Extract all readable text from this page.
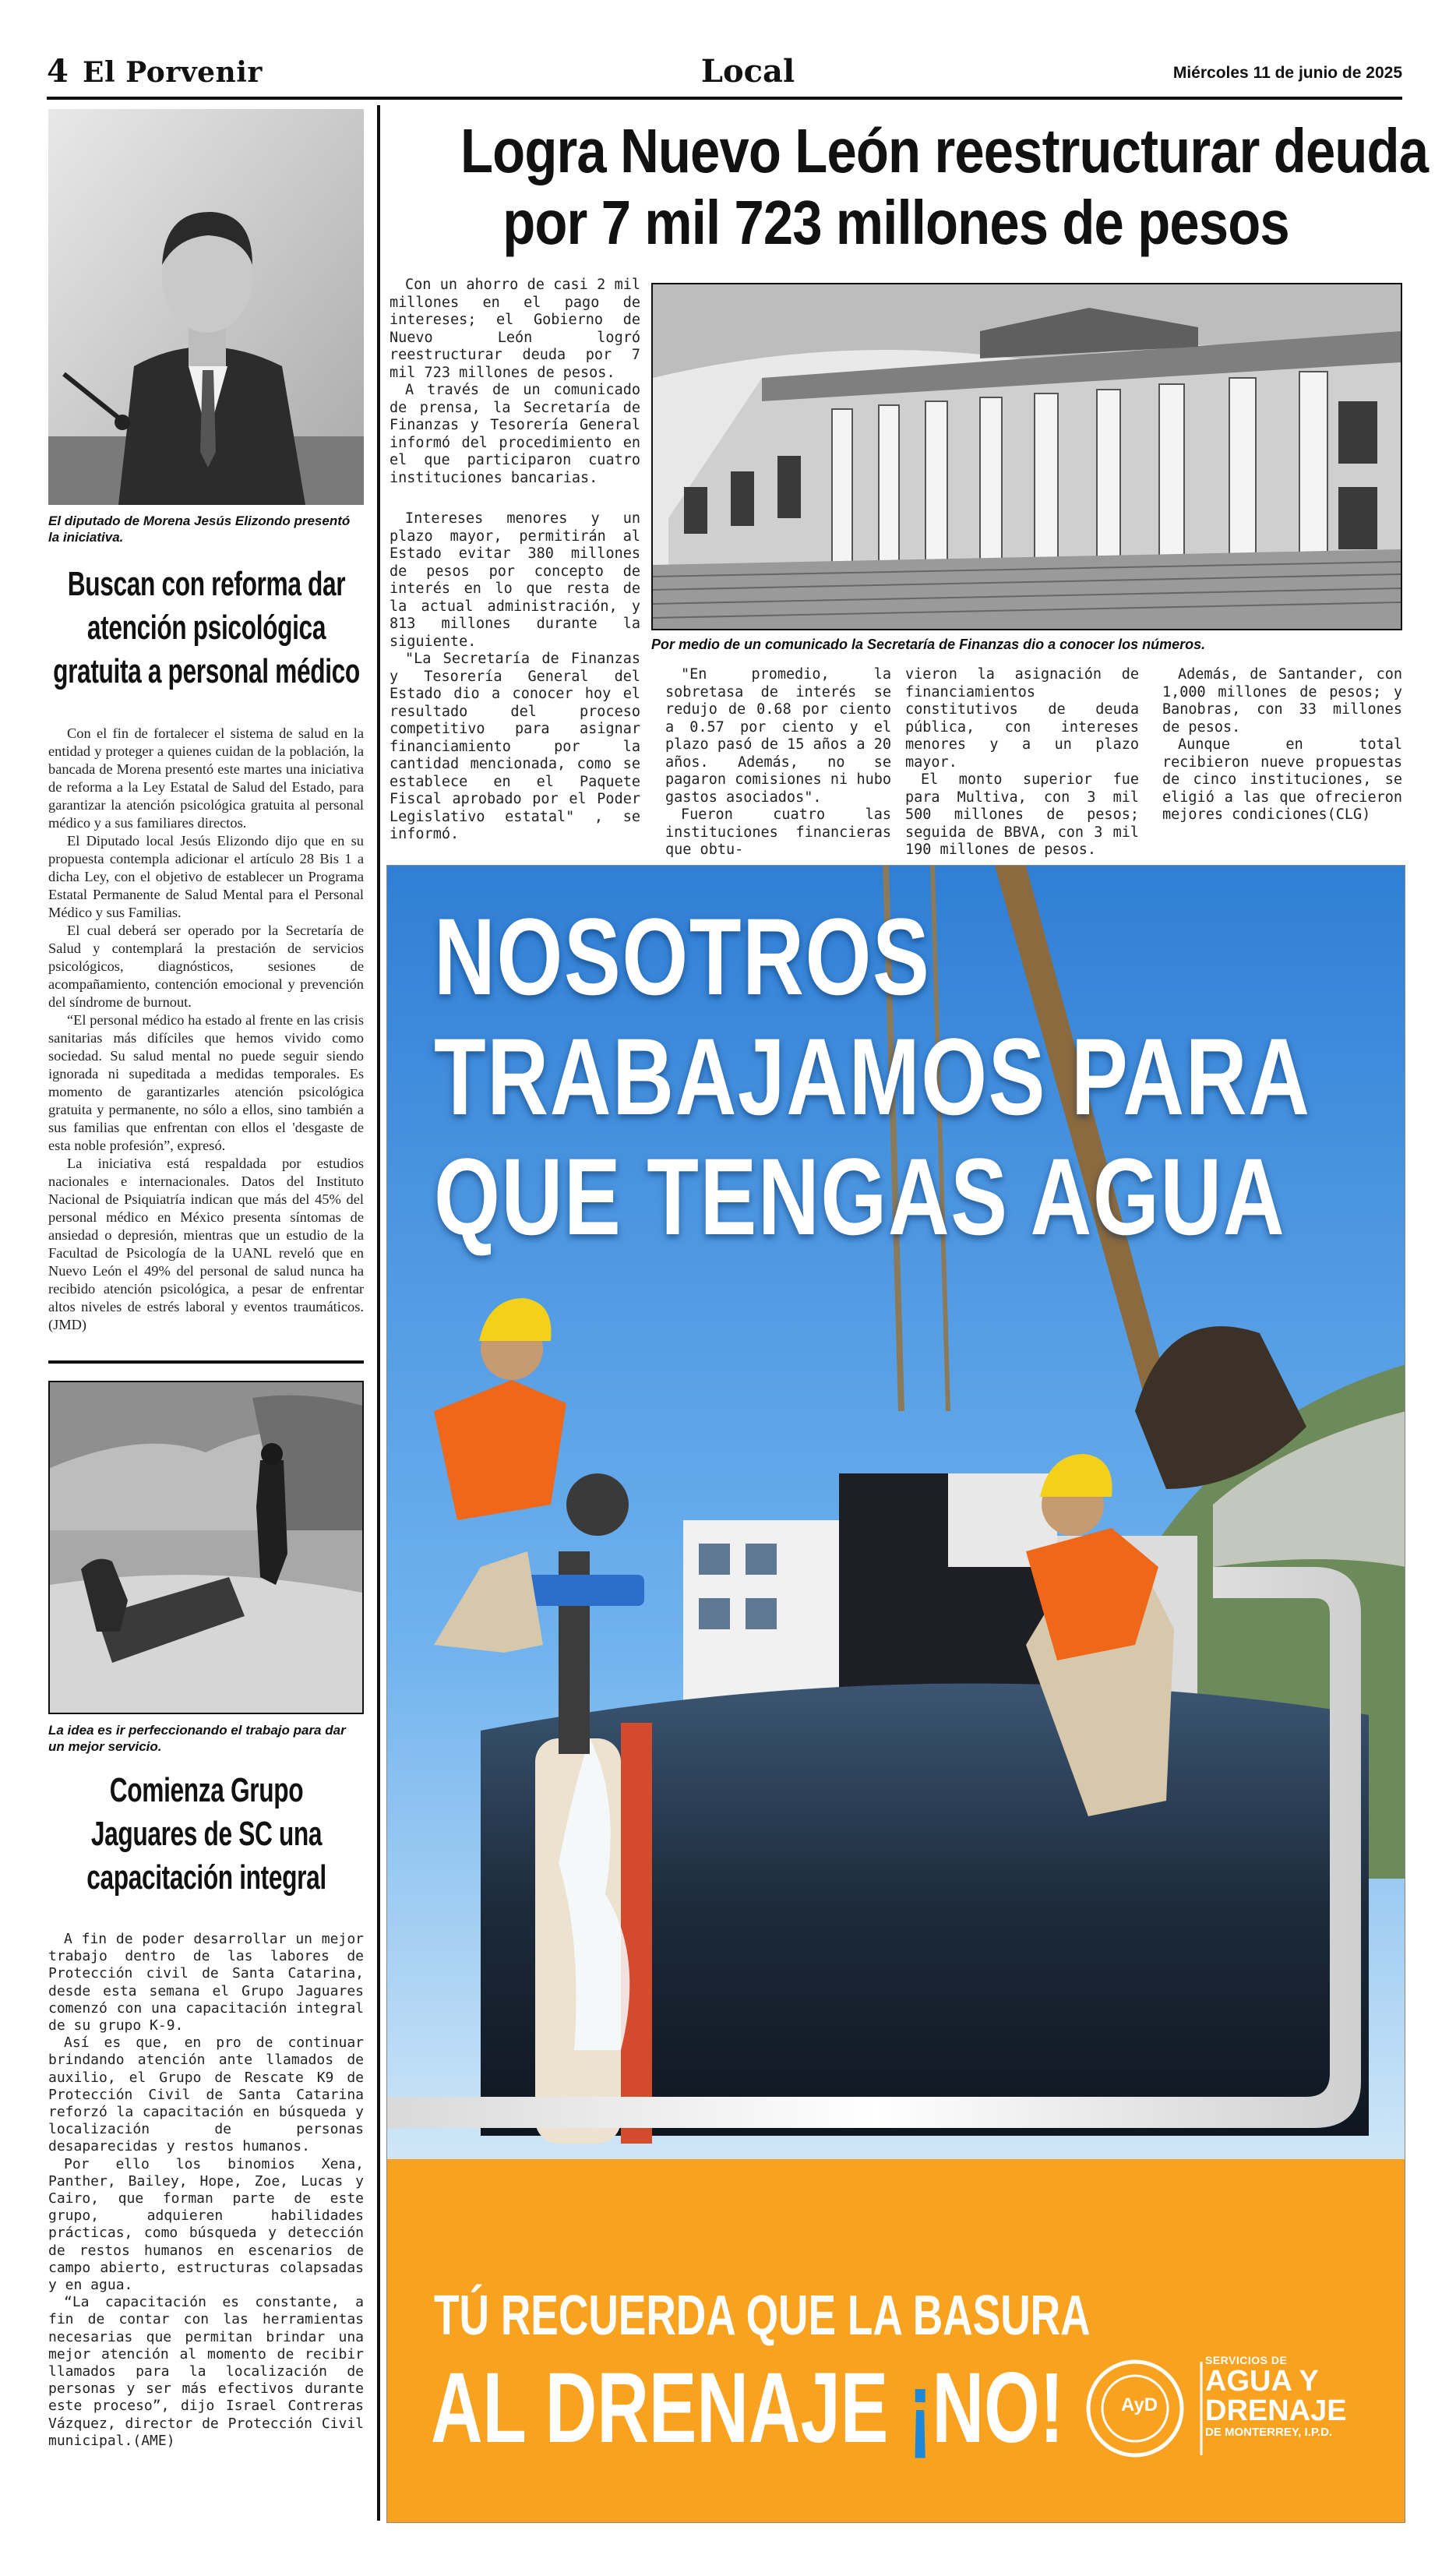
4 El Porvenir	Local	Miércoles 11 de junio de 2025
El diputado de Morena Jesús Elizondo presentó la iniciativa.
Buscan con reforma dar
atención psicológica
gratuita a personal médico

Con el fin de fortalecer el sistema de salud en la entidad y proteger a quienes cuidan de la población, la bancada de Morena presentó este martes una iniciativa de reforma a la Ley Estatal de Salud del Estado, para garantizar la atención psicológica gratuita al personal médico y a sus familiares directos.

El Diputado local Jesús Elizondo dijo que en su propuesta contempla adicionar el artículo 28 Bis 1 a dicha Ley, con el objetivo de establecer un Programa Estatal Permanente de Salud Mental para el Personal Médico y sus Familias.

El cual deberá ser operado por la Secretaría de Salud y contemplará la prestación de servicios psicológicos, diagnósticos, sesiones de acompañamiento, contención emocional y prevención del síndrome de burnout.

“El personal médico ha estado al frente en las crisis sanitarias más difíciles que hemos vivido como sociedad. Su salud mental no puede seguir siendo ignorada ni supeditada a medidas temporales. Es momento de garantizarles atención psicológica gratuita y permanente, no sólo a ellos, sino también a sus familias que enfrentan con ellos el 'desgaste de esta noble profesión”, expresó.

La iniciativa está respaldada por estudios nacionales e internacionales. Datos del Instituto Nacional de Psiquiatría indican que más del 45% del personal médico en México presenta síntomas de ansiedad o depresión, mientras que un estudio de la Facultad de Psicología de la UANL reveló que en Nuevo León el 49% del personal de salud nunca ha recibido atención psicológica, a pesar de enfrentar altos niveles de estrés laboral y eventos traumáticos.(JMD)

La idea es ir perfeccionando el trabajo para dar un mejor servicio.
Comienza Grupo
Jaguares de SC una
capacitación integral

A fin de poder desarrollar un mejor trabajo dentro de las labores de Protección civil de Santa Catarina, desde esta semana el Grupo Jaguares comenzó con una capacitación integral de su grupo K-9.

Así es que, en pro de continuar brindando atención ante llamados de auxilio, el Grupo de Rescate K9 de Protección Civil de Santa Catarina reforzó la capacitación en búsqueda y localización de personas desaparecidas y restos humanos.

Por ello los binomios Xena, Panther, Bailey, Hope, Zoe, Lucas y Cairo, que forman parte de este grupo, adquieren habilidades prácticas, como búsqueda y detección de restos humanos en escenarios de campo abierto, estructuras colapsadas y en agua.

“La capacitación es constante, a fin de contar con las herramientas necesarias que permitan brindar una mejor atención al momento de recibir llamados para la localización de personas y ser más efectivos durante este proceso”, dijo Israel Contreras Vázquez, director de Protección Civil municipal.(AME)

Logra Nuevo León reestructurar deuda
por 7 mil 723 millones de pesos

Con un ahorro de casi 2 mil millones en el pago de intereses; el Gobierno de Nuevo León logró reestructurar deuda por 7 mil 723 millones de pesos.

A través de un comunicado de prensa, la Secretaría de Finanzas y Tesorería General informó del procedimiento en el que participaron cuatro instituciones bancarias.

Intereses menores y un plazo mayor, permitirán al Estado evitar 380 millones de pesos por concepto de interés en lo que resta de la actual administración, y 813 millones durante la siguiente.

"La Secretaría de Finanzas y Tesorería General del Estado dio a conocer hoy el resultado del proceso competitivo para asignar financiamiento por la cantidad mencionada, como se establece en el Paquete Fiscal aprobado por el Poder Legislativo estatal" , se informó.

Por medio de un comunicado la Secretaría de Finanzas dio a conocer los números.

"En promedio, la sobretasa de interés se redujo de 0.68 por ciento a 0.57 por ciento y el plazo pasó de 15 años a 20 años. Además, no se pagaron comisiones ni hubo gastos asociados".

Fueron cuatro las instituciones financieras que obtu-

vieron la asignación de financiamientos constitutivos de deuda pública, con intereses menores y a un plazo mayor.

El monto superior fue para Multiva, con 3 mil 500 millones de pesos; seguida de BBVA, con 3 mil 190 millones de pesos.

Además, de Santander, con 1,000 millones de pesos; y Banobras, con 33 millones de pesos.

Aunque en total recibieron nueve propuestas de cinco instituciones, se eligió a las que ofrecieron mejores condiciones(CLG)

NOSOTROS
TRABAJAMOS PARA
QUE TENGAS AGUA
TÚ RECUERDA QUE LA BASURA
AL DRENAJE ¡NO!	AyD
SERVICIOS DE
AGUA Y
DRENAJE
DE MONTERREY, I.P.D.
